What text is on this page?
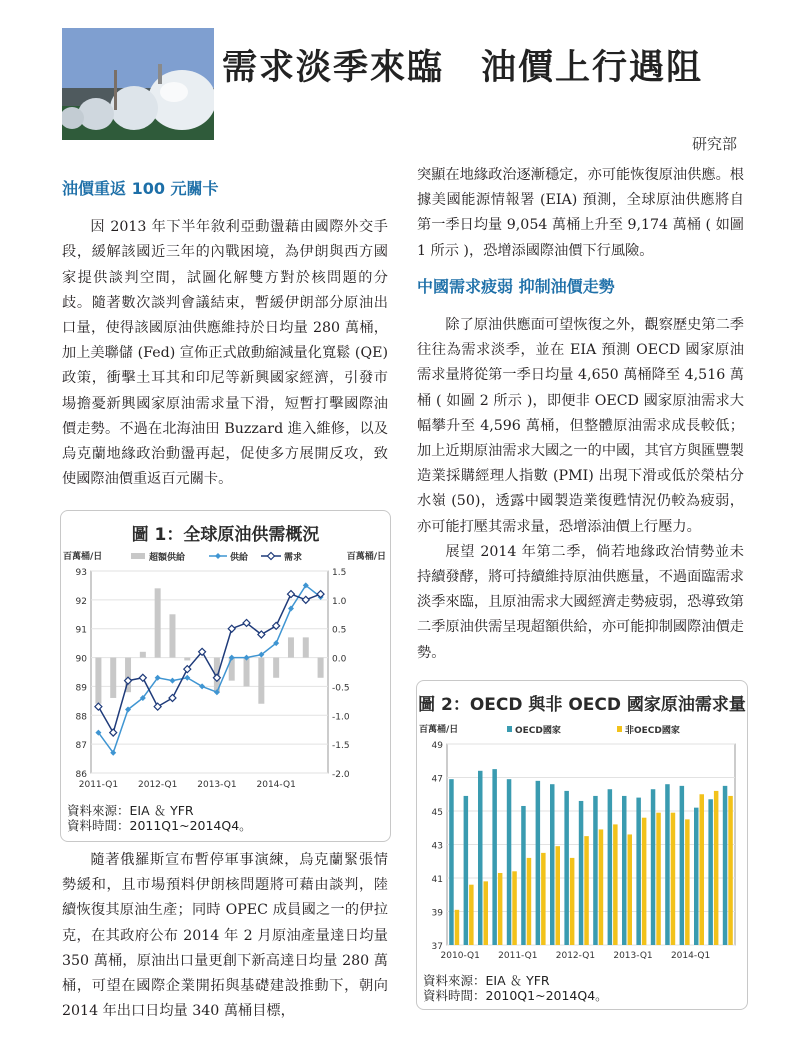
需求淡季來臨　油價上行遇阻
研究部
油價重返 100 元關卡

因 2013 年下半年敘利亞動盪藉由國際外交手段，緩解該國近三年的內戰困境，為伊朗與西方國家提供談判空間，試圖化解雙方對於核問題的分歧。隨著數次談判會議結束，暫緩伊朗部分原油出口量，使得該國原油供應維持於日均量 280 萬桶，加上美聯儲 (Fed) 宣佈正式啟動縮減量化寬鬆 (QE) 政策，衝擊土耳其和印尼等新興國家經濟，引發市場擔憂新興國家原油需求量下滑，短暫打擊國際油價走勢。不過在北海油田 Buzzard 進入維修，以及烏克蘭地緣政治動盪再起，促使多方展開反攻，致使國際油價重返百元關卡。

圖 1：全球原油供需概況
93
92
91
90
89
88
87
86
1.5
1.0
0.5
0.0
-0.5
-1.0
-1.5
-2.0
百萬桶/日	百萬桶/日
超額供給	供給	需求
2011-Q1 2012-Q1 2013-Q1 2014-Q1
資料來源：EIA ＆ YFR
資料時間：2011Q1~2014Q4。

隨著俄羅斯宣布暫停軍事演練，烏克蘭緊張情勢緩和，且市場預料伊朗核問題將可藉由談判，陸續恢復其原油生產；同時 OPEC 成員國之一的伊拉克，在其政府公布 2014 年 2 月原油產量達日均量 350 萬桶，原油出口量更創下新高達日均量 280 萬桶，可望在國際企業開拓與基礎建設推動下，朝向 2014 年出口日均量 340 萬桶目標，

突顯在地緣政治逐漸穩定，亦可能恢復原油供應。根據美國能源情報署 (EIA) 預測，全球原油供應將自第一季日均量 9,054 萬桶上升至 9,174 萬桶 ( 如圖 1 所示 )，恐增添國際油價下行風險。

中國需求疲弱 抑制油價走勢

除了原油供應面可望恢復之外，觀察歷史第二季往往為需求淡季，並在 EIA 預測 OECD 國家原油需求量將從第一季日均量 4,650 萬桶降至 4,516 萬桶 ( 如圖 2 所示 )，即便非 OECD 國家原油需求大幅攀升至 4,596 萬桶，但整體原油需求成長較低；加上近期原油需求大國之一的中國，其官方與匯豐製造業採購經理人指數 (PMI) 出現下滑或低於榮枯分水嶺 (50)，透露中國製造業復甦情況仍較為疲弱，亦可能打壓其需求量，恐增添油價上行壓力。

展望 2014 年第二季，倘若地緣政治情勢並未持續發酵，將可持續維持原油供應量，不過面臨需求淡季來臨，且原油需求大國經濟走勢疲弱，恐導致第二季原油供需呈現超額供給，亦可能抑制國際油價走勢。

圖 2：OECD 與非 OECD 國家原油需求量
49
47
45
43
41
39
37
百萬桶/日	OECD國家	非OECD國家
2010-Q1 2011-Q1 2012-Q1 2013-Q1 2014-Q1
資料來源：EIA ＆ YFR
資料時間：2010Q1~2014Q4。
